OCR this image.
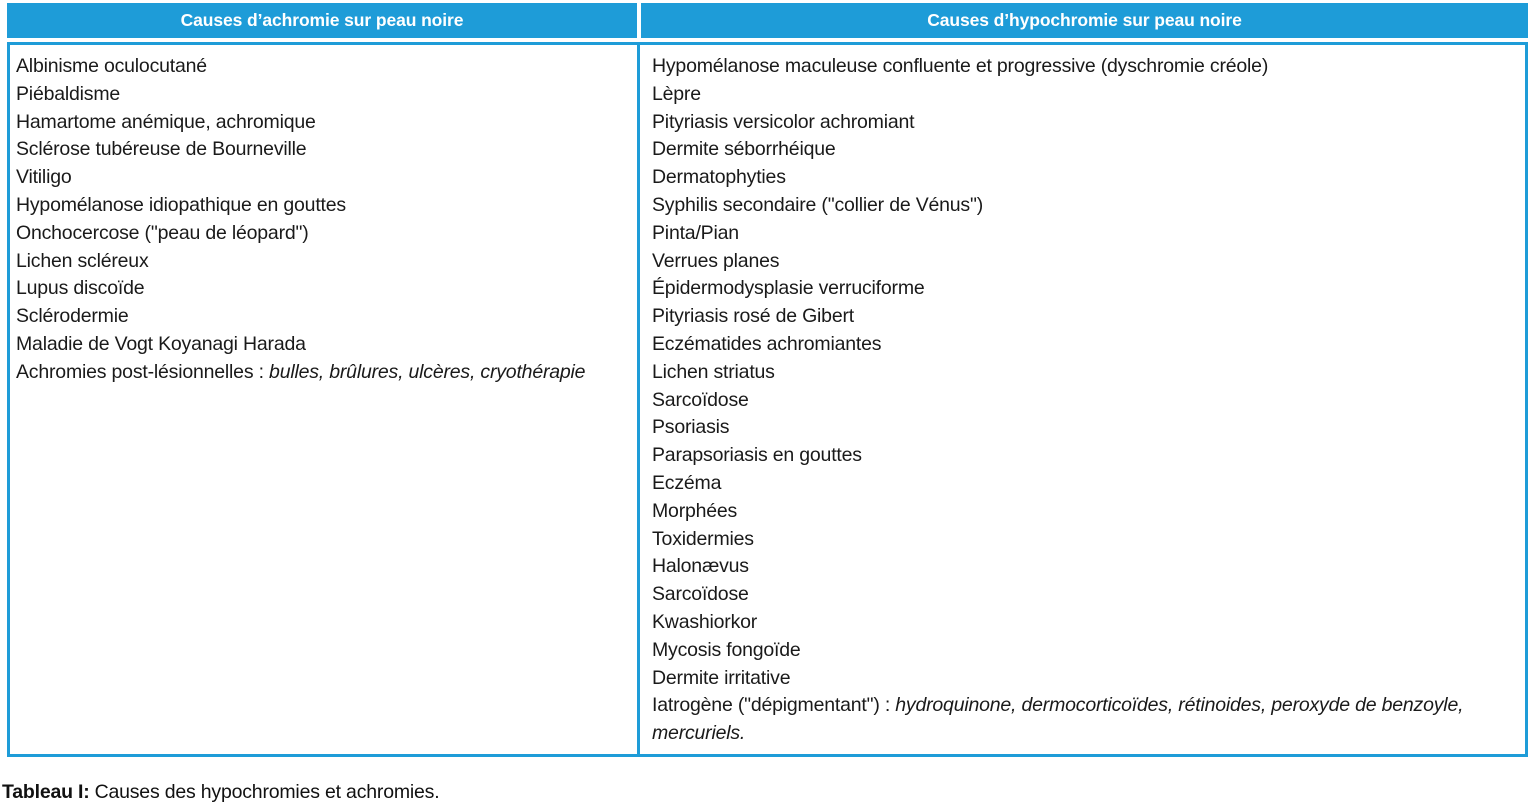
Causes d’achromie sur peau noire	Causes d’hypochromie sur peau noire
Albinisme oculocutané
Piébaldisme
Hamartome anémique, achromique
Sclérose tubéreuse de Bourneville
Vitiligo
Hypomélanose idiopathique en gouttes
Onchocercose ("peau de léopard")
Lichen scléreux
Lupus discoïde
Sclérodermie
Maladie de Vogt Koyanagi Harada
Achromies post-lésionnelles : bulles, brûlures, ulcères, cryothérapie
Hypomélanose maculeuse confluente et progressive (dyschromie créole)
Lèpre
Pityriasis versicolor achromiant
Dermite séborrhéique
Dermatophyties
Syphilis secondaire ("collier de Vénus")
Pinta/Pian
Verrues planes
Épidermodysplasie verruciforme
Pityriasis rosé de Gibert
Eczématides achromiantes
Lichen striatus
Sarcoïdose
Psoriasis
Parapsoriasis en gouttes
Eczéma
Morphées
Toxidermies
Halonævus
Sarcoïdose
Kwashiorkor
Mycosis fongoïde
Dermite irritative
Iatrogène ("dépigmentant") : hydroquinone, dermocorticoïdes, rétinoides, peroxyde de benzoyle, mercuriels.
Tableau I: Causes des hypochromies et achromies.
